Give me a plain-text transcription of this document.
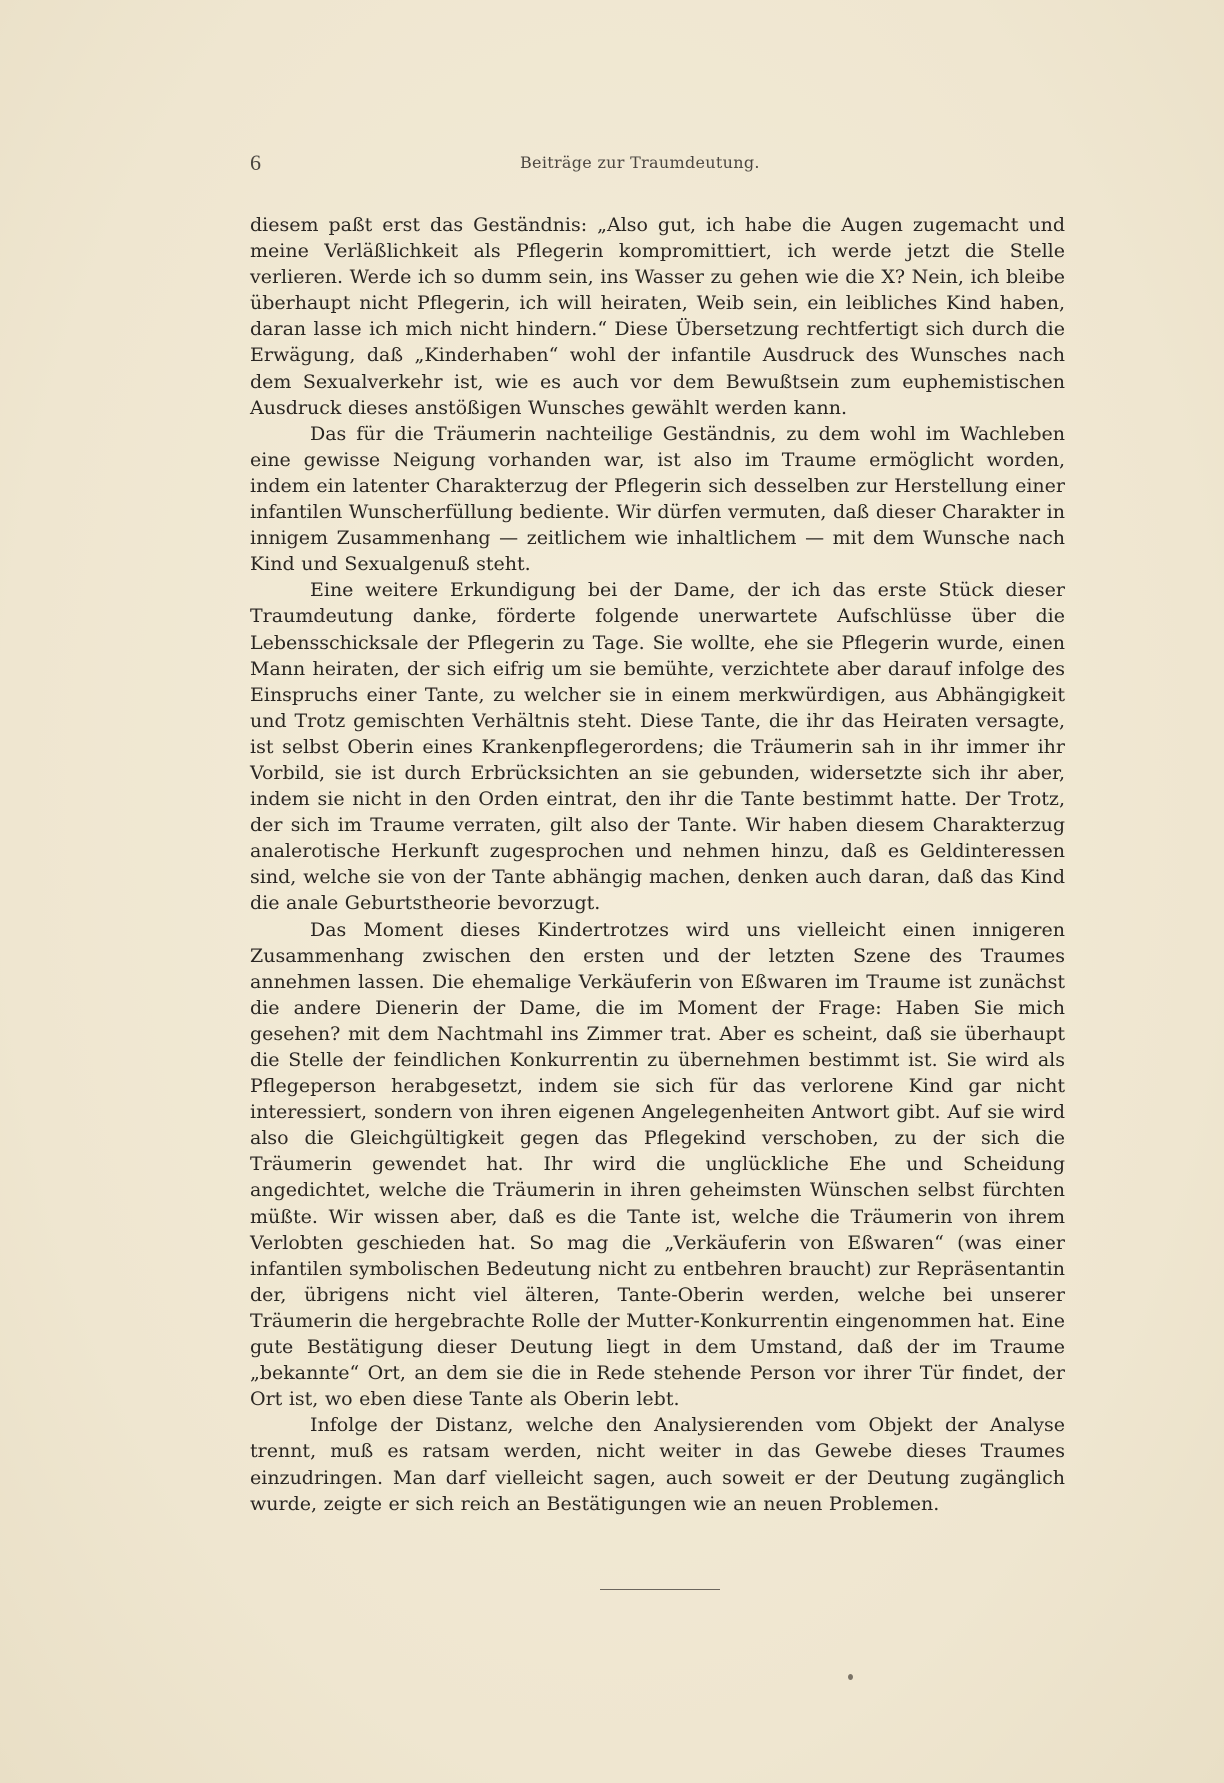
6	Beiträge zur Traumdeutung.

diesem paßt erst das Geständnis: „Also gut, ich habe die Augen zugemacht und meine Verläßlichkeit als Pflegerin kompromittiert, ich werde jetzt die Stelle verlieren. Werde ich so dumm sein, ins Wasser zu gehen wie die X? Nein, ich bleibe überhaupt nicht Pflegerin, ich will heiraten, Weib sein, ein leibliches Kind haben, daran lasse ich mich nicht hindern.“ Diese Übersetzung rechtfertigt sich durch die Erwägung, daß „Kinderhaben“ wohl der infantile Ausdruck des Wunsches nach dem Sexualverkehr ist, wie es auch vor dem Bewußtsein zum euphemistischen Ausdruck dieses anstößigen Wunsches gewählt werden kann.

Das für die Träumerin nachteilige Geständnis, zu dem wohl im Wachleben eine gewisse Neigung vorhanden war, ist also im Traume ermöglicht worden, indem ein latenter Charakterzug der Pflegerin sich desselben zur Herstellung einer infantilen Wunscherfüllung bediente. Wir dürfen vermuten, daß dieser Charakter in innigem Zusammenhang — zeitlichem wie inhaltlichem — mit dem Wunsche nach Kind und Sexualgenuß steht.

Eine weitere Erkundigung bei der Dame, der ich das erste Stück dieser Traumdeutung danke, förderte folgende unerwartete Aufschlüsse über die Lebensschicksale der Pflegerin zu Tage. Sie wollte, ehe sie Pflegerin wurde, einen Mann heiraten, der sich eifrig um sie bemühte, verzichtete aber darauf infolge des Einspruchs einer Tante, zu welcher sie in einem merkwürdigen, aus Abhängigkeit und Trotz gemischten Verhältnis steht. Diese Tante, die ihr das Heiraten versagte, ist selbst Oberin eines Krankenpflegerordens; die Träumerin sah in ihr immer ihr Vorbild, sie ist durch Erbrücksichten an sie gebunden, widersetzte sich ihr aber, indem sie nicht in den Orden eintrat, den ihr die Tante bestimmt hatte. Der Trotz, der sich im Traume verraten, gilt also der Tante. Wir haben diesem Charakterzug analerotische Herkunft zugesprochen und nehmen hinzu, daß es Geldinteressen sind, welche sie von der Tante abhängig machen, denken auch daran, daß das Kind die anale Geburtstheorie bevorzugt.

Das Moment dieses Kindertrotzes wird uns vielleicht einen innigeren Zusammenhang zwischen den ersten und der letzten Szene des Traumes annehmen lassen. Die ehemalige Verkäuferin von Eßwaren im Traume ist zunächst die andere Dienerin der Dame, die im Moment der Frage: Haben Sie mich gesehen? mit dem Nachtmahl ins Zimmer trat. Aber es scheint, daß sie überhaupt die Stelle der feindlichen Konkurrentin zu übernehmen bestimmt ist. Sie wird als Pflegeperson herabgesetzt, indem sie sich für das verlorene Kind gar nicht interessiert, sondern von ihren eigenen Angelegenheiten Antwort gibt. Auf sie wird also die Gleichgültigkeit gegen das Pflegekind verschoben, zu der sich die Träumerin gewendet hat. Ihr wird die unglückliche Ehe und Scheidung angedichtet, welche die Träumerin in ihren geheimsten Wünschen selbst fürchten müßte. Wir wissen aber, daß es die Tante ist, welche die Träumerin von ihrem Verlobten geschieden hat. So mag die „Verkäuferin von Eßwaren“ (was einer infantilen symbolischen Bedeutung nicht zu entbehren braucht) zur Repräsentantin der, übrigens nicht viel älteren, Tante-Oberin werden, welche bei unserer Träumerin die hergebrachte Rolle der Mutter-Konkurrentin eingenommen hat. Eine gute Bestätigung dieser Deutung liegt in dem Umstand, daß der im Traume „bekannte“ Ort, an dem sie die in Rede stehende Person vor ihrer Tür findet, der Ort ist, wo eben diese Tante als Oberin lebt.

Infolge der Distanz, welche den Analysierenden vom Objekt der Analyse trennt, muß es ratsam werden, nicht weiter in das Gewebe dieses Traumes einzudringen. Man darf vielleicht sagen, auch soweit er der Deutung zugänglich wurde, zeigte er sich reich an Bestätigungen wie an neuen Problemen.
